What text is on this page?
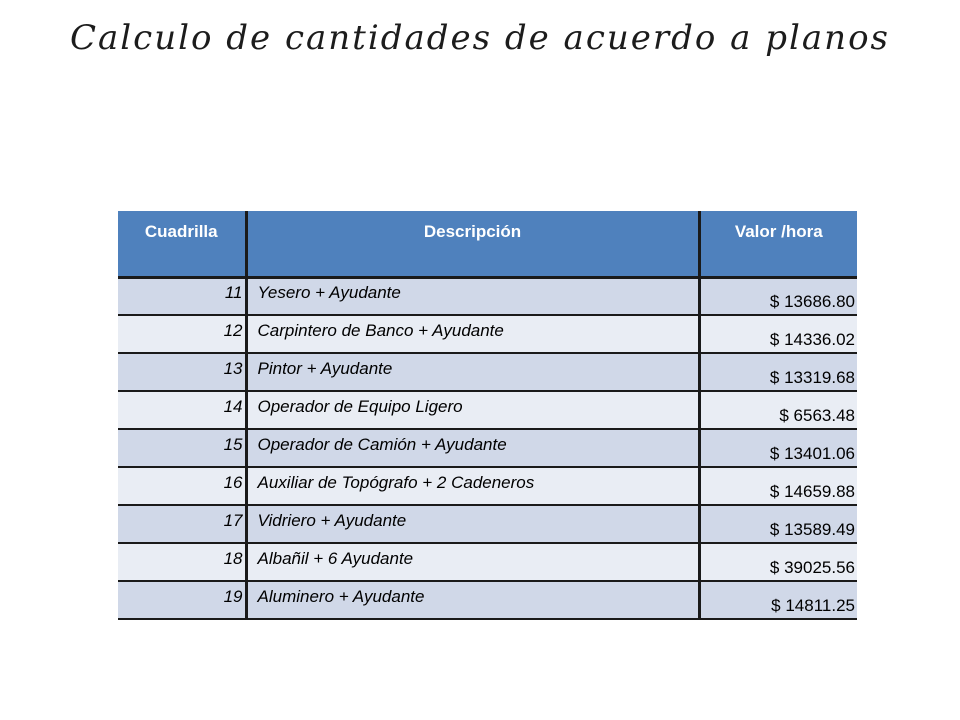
Calculo de cantidades de acuerdo a planos
Cuadrilla	Descripción	Valor /hora
11	Yesero + Ayudante	$ 13686.80
12	Carpintero de Banco + Ayudante	$ 14336.02
13	Pintor + Ayudante	$ 13319.68
14	Operador de Equipo Ligero	$ 6563.48
15	Operador de Camión + Ayudante	$ 13401.06
16	Auxiliar de Topógrafo + 2 Cadeneros	$ 14659.88
17	Vidriero + Ayudante	$ 13589.49
18	Albañil + 6 Ayudante	$ 39025.56
19	Aluminero + Ayudante	$ 14811.25
